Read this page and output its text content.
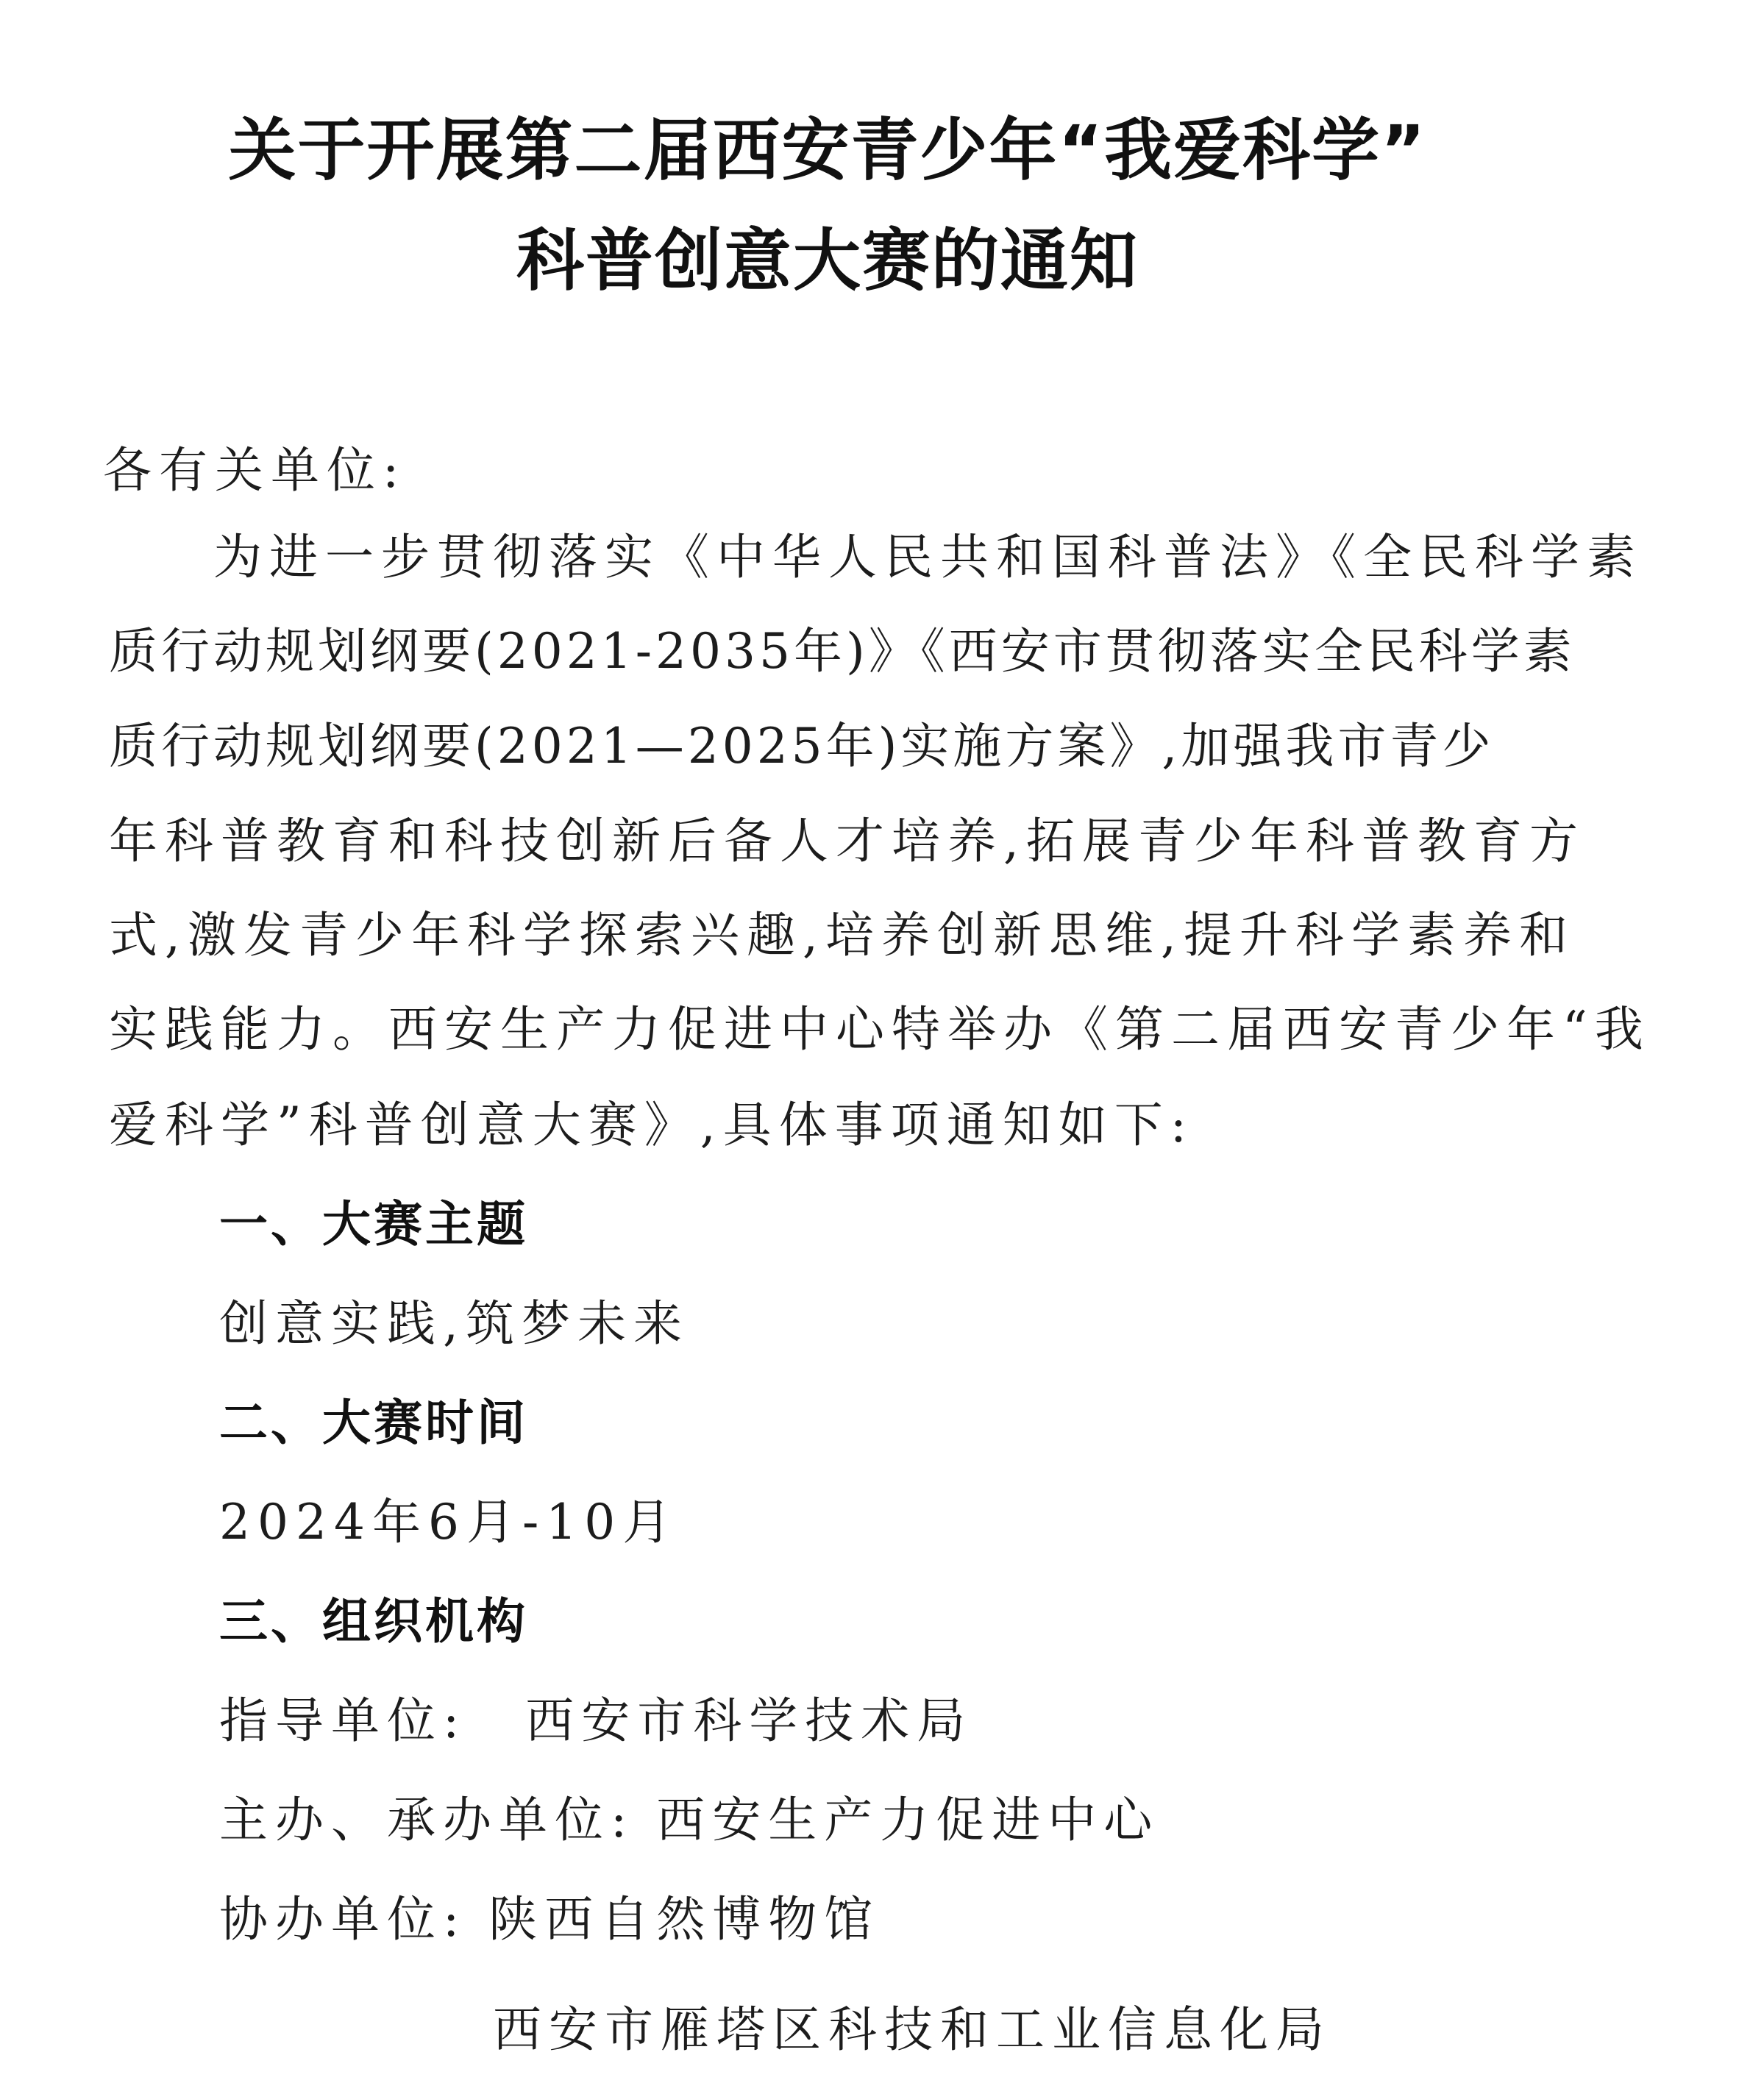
关于开展第二届西安青少年“我爱科学”
科普创意大赛的通知
各有关单位:
为进一步贯彻落实《中华人民共和国科普法》《全民科学素
质行动规划纲要(2021-2035年)》《西安市贯彻落实全民科学素
质行动规划纲要(2021—2025年)实施方案》,加强我市青少
年科普教育和科技创新后备人才培养,拓展青少年科普教育方
式,激发青少年科学探索兴趣,培养创新思维,提升科学素养和
实践能力。西安生产力促进中心特举办《第二届西安青少年“我
爱科学”科普创意大赛》,具体事项通知如下:
一、大赛主题
创意实践,筑梦未来
二、大赛时间
2024年6月-10月
三、组织机构
指导单位: 西安市科学技术局
主办、承办单位: 西安生产力促进中心
协办单位: 陕西自然博物馆
西安市雁塔区科技和工业信息化局
